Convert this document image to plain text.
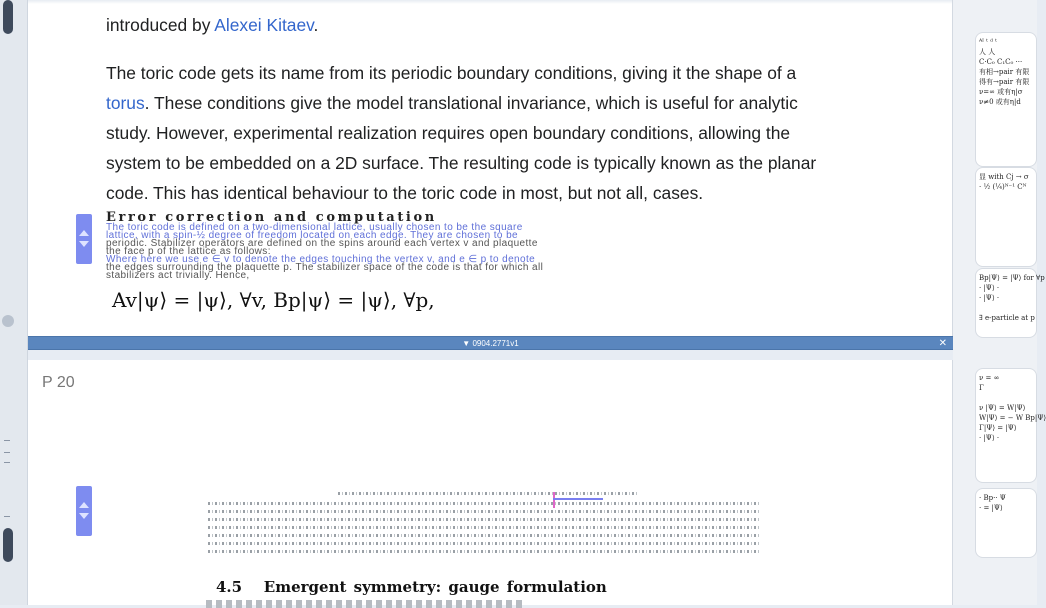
introduced by Alexei Kitaev.
The toric code gets its name from its periodic boundary conditions, giving it the shape of a
torus. These conditions give the model translational invariance, which is useful for analytic
study. However, experimental realization requires open boundary conditions, allowing the
system to be embedded on a 2D surface. The resulting code is typically known as the planar
code. This has identical behaviour to the toric code in most, but not all, cases.
Error correction and computation
The toric code is defined on a two-dimensional lattice, usually chosen to be the square
lattice, with a spin-½ degree of freedom located on each edge. They are chosen to be
periodic. Stabilizer operators are defined on the spins around each vertex v and plaquette
the face p of the lattice as follows:
Where here we use e ∈ v to denote the edges touching the vertex v, and e ∈ p to denote
the edges surrounding the plaquette p. The stabilizer space of the code is that for which all
stabilizers act trivially. Hence,
Av|ψ⟩ = |ψ⟩, ∀v, Bp|ψ⟩ = |ψ⟩, ∀p,
▼ 0904.2771v1	✕
P 20
4.5 Emergent symmetry: gauge formulation
ᴬᴵ ᵗ ᵈ ᵗ
人 人
C·C₀ C₁C₀ ···
有相→pair 有限
得有→pair 有限
ν=∞ 或有η|σ
ν≠0 或有η|d
显 with Cj → σ
· ½ (¼)ᴺ⁻¹ Cᴺ
Bp|Ψ⟩ = |Ψ⟩ for ∀p
· |Ψ⟩ ·
· |Ψ⟩ ·

∃ e-particle at p
ν = ∞
Γ

ν |Ψ⟩ = W|Ψ⟩
W|Ψ⟩ = − W Bp|Ψ⟩
Γ|Ψ⟩ = |Ψ⟩
· |Ψ⟩ ·
· Bp·· Ψ
· = |Ψ⟩
